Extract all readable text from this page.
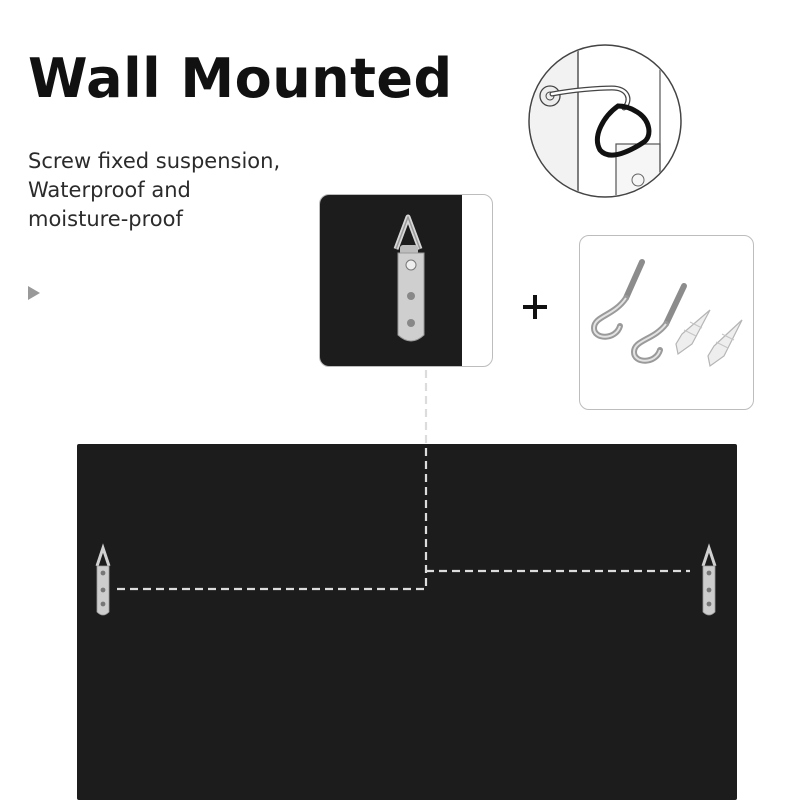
Wall Mounted

Screw fixed suspension,
Waterproof and
moisture-proof
